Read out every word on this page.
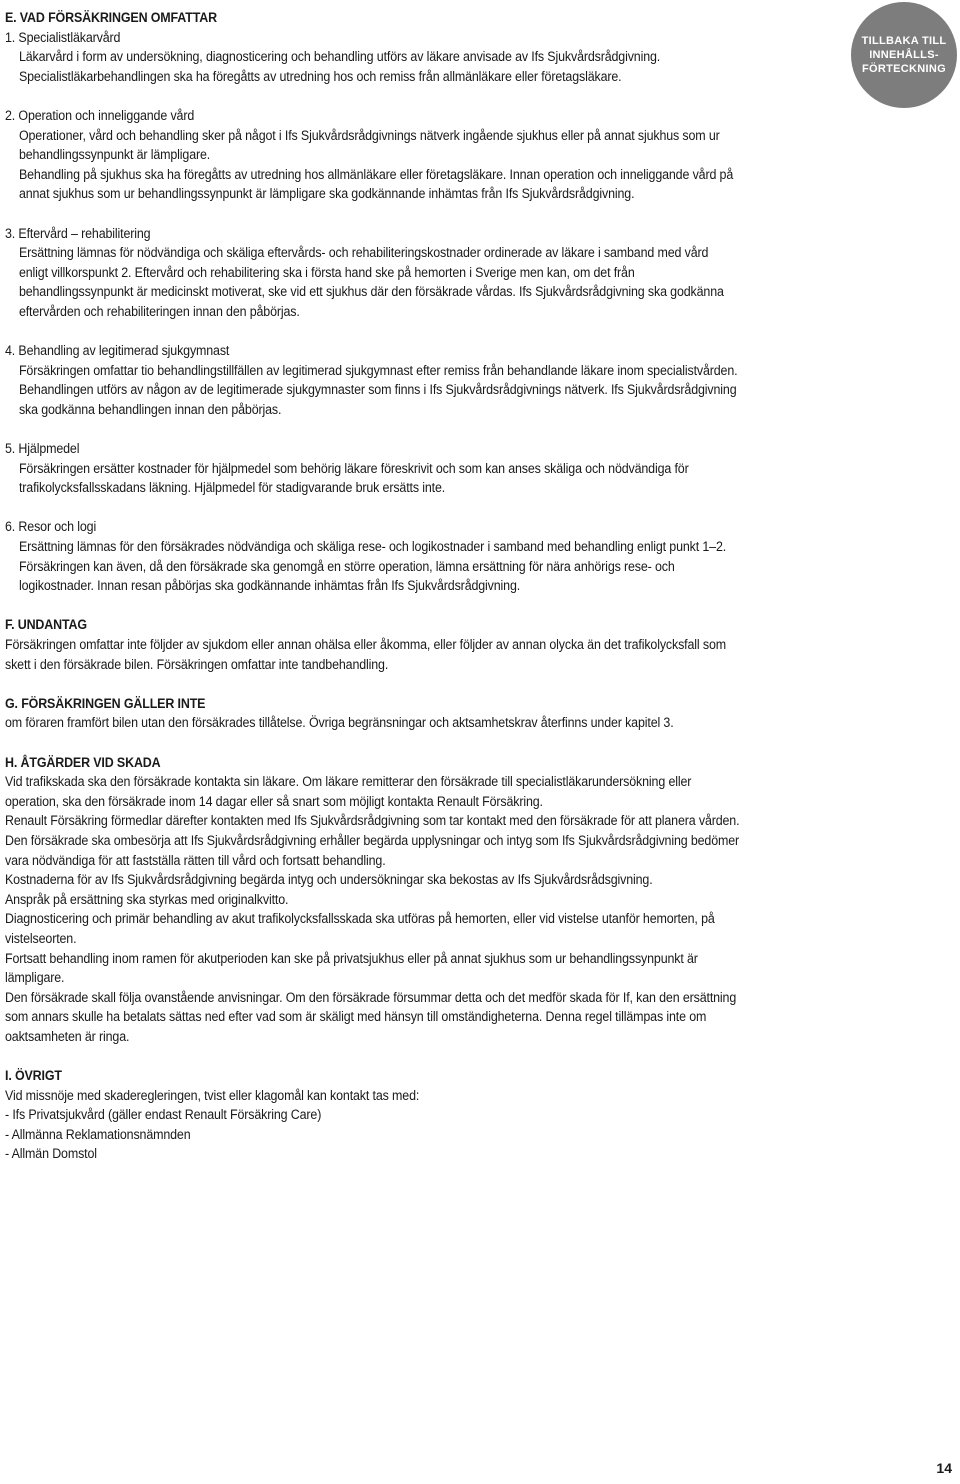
TILLBAKA TILL
INNEHÅLLS-
FÖRTECKNING
E. VAD FÖRSÄKRINGEN OMFATTAR
1. Specialistläkarvård

Läkarvård i form av undersökning, diagnosticering och behandling utförs av läkare anvisade av Ifs Sjukvårdsrådgivning. Specialistläkarbehandlingen ska ha föregåtts av utredning hos och remiss från allmänläkare eller företagsläkare.

2. Operation och inneliggande vård

Operationer, vård och behandling sker på något i Ifs Sjukvårdsrådgivnings nätverk ingående sjukhus eller på annat sjukhus som ur behandlingssynpunkt är lämpligare.

Behandling på sjukhus ska ha föregåtts av utredning hos allmänläkare eller företagsläkare. Innan operation och inneliggande vård på annat sjukhus som ur behandlingssynpunkt är lämpligare ska godkännande inhämtas från Ifs Sjukvårdsrådgivning.

3. Eftervård – rehabilitering

Ersättning lämnas för nödvändiga och skäliga eftervårds- och rehabiliteringskostnader ordinerade av läkare i samband med vård enligt villkorspunkt 2. Eftervård och rehabilitering ska i första hand ske på hemorten i Sverige men kan, om det från behandlingssynpunkt är medicinskt motiverat, ske vid ett sjukhus där den försäkrade vårdas. Ifs Sjukvårdsrådgivning ska godkänna eftervården och rehabiliteringen innan den påbörjas.

4. Behandling av legitimerad sjukgymnast

Försäkringen omfattar tio behandlingstillfällen av legitimerad sjukgymnast efter remiss från behandlande läkare inom specialistvården. Behandlingen utförs av någon av de legitimerade sjukgymnaster som finns i Ifs Sjukvårdsrådgivnings nätverk. Ifs Sjukvårdsrådgivning ska godkänna behandlingen innan den påbörjas.

5. Hjälpmedel

Försäkringen ersätter kostnader för hjälpmedel som behörig läkare föreskrivit och som kan anses skäliga och nödvändiga för trafikolycksfallsskadans läkning. Hjälpmedel för stadigvarande bruk ersätts inte.

6. Resor och logi

Ersättning lämnas för den försäkrades nödvändiga och skäliga rese- och logikostnader i samband med behandling enligt punkt 1–2. Försäkringen kan även, då den försäkrade ska genomgå en större operation, lämna ersättning för nära anhörigs rese- och logikostnader. Innan resan påbörjas ska godkännande inhämtas från Ifs Sjukvårdsrådgivning.

F. UNDANTAG

Försäkringen omfattar inte följder av sjukdom eller annan ohälsa eller åkomma, eller följder av annan olycka än det trafikolycksfall som skett i den försäkrade bilen. Försäkringen omfattar inte tandbehandling.

G. FÖRSÄKRINGEN GÄLLER INTE

om föraren framfört bilen utan den försäkrades tillåtelse. Övriga begränsningar och aktsamhetskrav återfinns under kapitel 3.

H. ÅTGÄRDER VID SKADA

Vid trafikskada ska den försäkrade kontakta sin läkare. Om läkare remitterar den försäkrade till specialistläkarundersökning eller operation, ska den försäkrade inom 14 dagar eller så snart som möjligt kontakta Renault Försäkring.

Renault Försäkring förmedlar därefter kontakten med Ifs Sjukvårdsrådgivning som tar kontakt med den försäkrade för att planera vården.

Den försäkrade ska ombesörja att Ifs Sjukvårdsrådgivning erhåller begärda upplysningar och intyg som Ifs Sjukvårdsrådgivning bedömer vara nödvändiga för att fastställa rätten till vård och fortsatt behandling.

Kostnaderna för av Ifs Sjukvårdsrådgivning begärda intyg och undersökningar ska bekostas av Ifs Sjukvårdsrådsgivning.

Anspråk på ersättning ska styrkas med originalkvitto.

Diagnosticering och primär behandling av akut trafikolycksfallsskada ska utföras på hemorten, eller vid vistelse utanför hemorten, på vistelseorten.

Fortsatt behandling inom ramen för akutperioden kan ske på privatsjukhus eller på annat sjukhus som ur behandlingssynpunkt är lämpligare.

Den försäkrade skall följa ovanstående anvisningar. Om den försäkrade försummar detta och det medför skada för If, kan den ersättning som annars skulle ha betalats sättas ned efter vad som är skäligt med hänsyn till omständigheterna. Denna regel tillämpas inte om oaktsamheten är ringa.

I. ÖVRIGT

Vid missnöje med skaderegleringen, tvist eller klagomål kan kontakt tas med:

- Ifs Privatsjukvård (gäller endast Renault Försäkring Care)
- Allmänna Reklamationsnämnden
- Allmän Domstol
14
